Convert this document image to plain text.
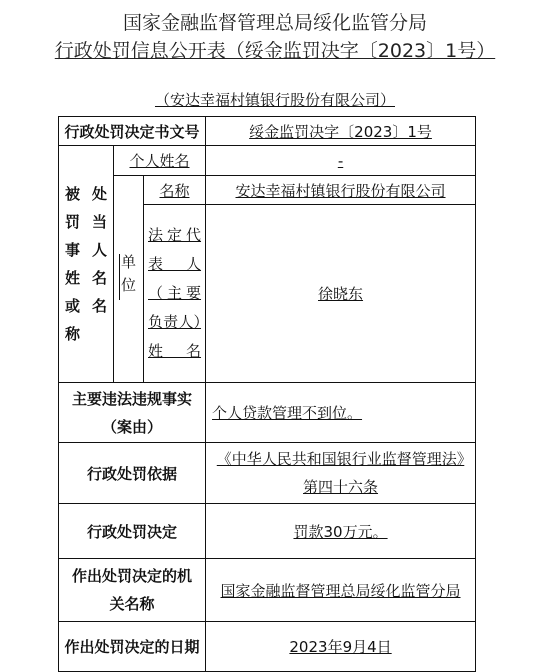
国家金融监督管理总局绥化监管分局
行政处罚信息公开表（绥金监罚决字〔2023〕1号）
（安达幸福村镇银行股份有限公司）
行政处罚决定书文号			绥金监罚决字〔2023〕1号
被处罚当事人姓名或名称	个人姓名		-
	单位	名称	安达幸福村镇银行股份有限公司
		法定代表人（主要负责人）姓名	徐晓东
主要违法违规事实（案由）			个人贷款管理不到位。
行政处罚依据			《中华人民共和国银行业监督管理法》第四十六条
行政处罚决定			罚款30万元。
作出处罚决定的机关名称			国家金融监督管理总局绥化监管分局
作出处罚决定的日期			2023年9月4日
